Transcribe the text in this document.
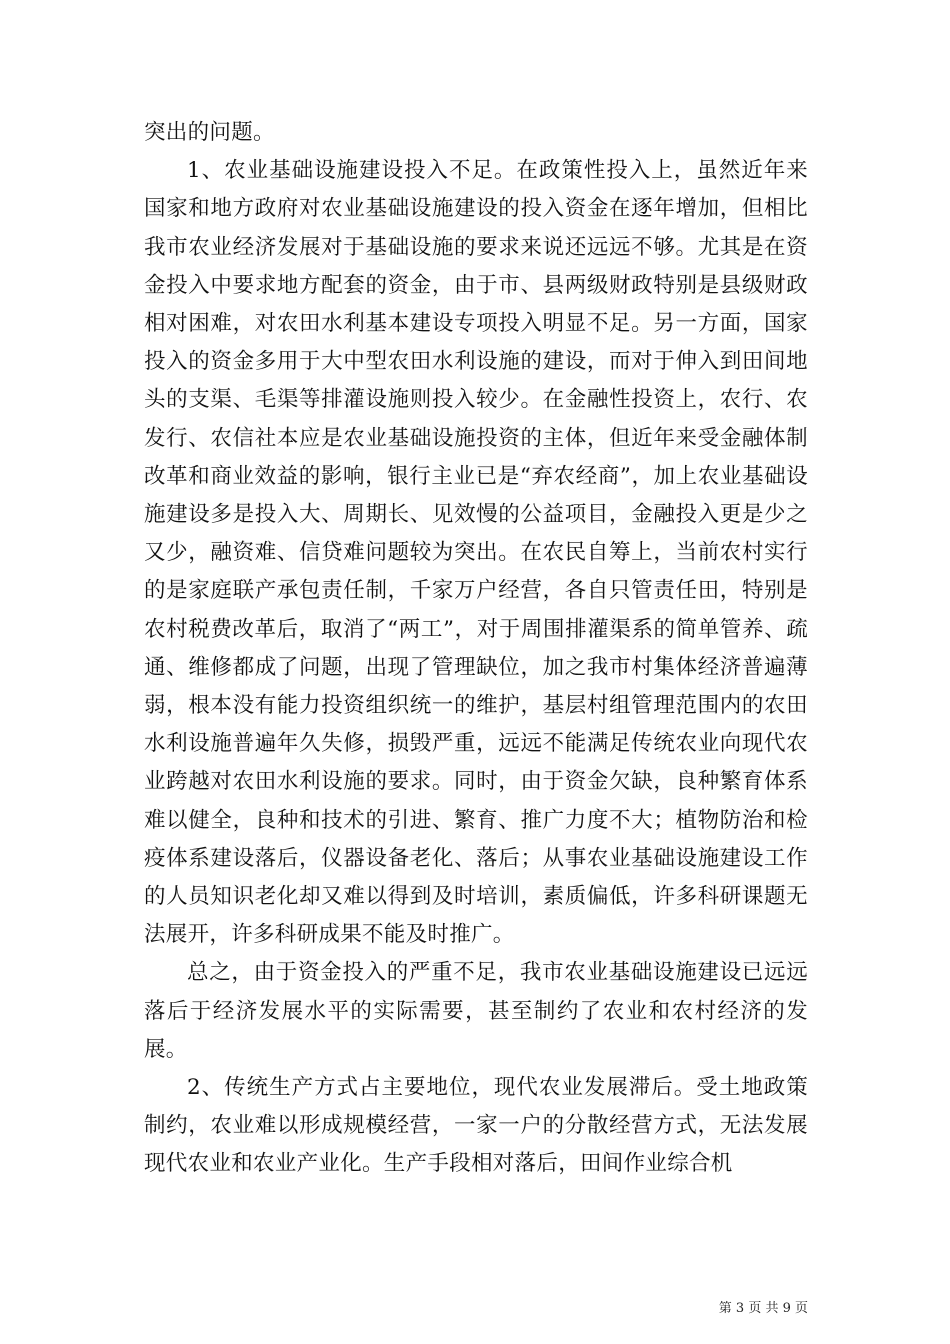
突出的问题。

1、农业基础设施建设投入不足。在政策性投入上，虽然近年来国家和地方政府对农业基础设施建设的投入资金在逐年增加，但相比我市农业经济发展对于基础设施的要求来说还远远不够。尤其是在资金投入中要求地方配套的资金，由于市、县两级财政特别是县级财政相对困难，对农田水利基本建设专项投入明显不足。另一方面，国家投入的资金多用于大中型农田水利设施的建设，而对于伸入到田间地头的支渠、毛渠等排灌设施则投入较少。在金融性投资上，农行、农发行、农信社本应是农业基础设施投资的主体，但近年来受金融体制改革和商业效益的影响，银行主业已是“弃农经商”，加上农业基础设施建设多是投入大、周期长、见效慢的公益项目，金融投入更是少之又少，融资难、信贷难问题较为突出。在农民自筹上，当前农村实行的是家庭联产承包责任制，千家万户经营，各自只管责任田，特别是农村税费改革后，取消了“两工”，对于周围排灌渠系的简单管养、疏通、维修都成了问题，出现了管理缺位，加之我市村集体经济普遍薄弱，根本没有能力投资组织统一的维护，基层村组管理范围内的农田水利设施普遍年久失修，损毁严重，远远不能满足传统农业向现代农业跨越对农田水利设施的要求。同时，由于资金欠缺，良种繁育体系难以健全，良种和技术的引进、繁育、推广力度不大；植物防治和检疫体系建设落后，仪器设备老化、落后；从事农业基础设施建设工作的人员知识老化却又难以得到及时培训，素质偏低，许多科研课题无法展开，许多科研成果不能及时推广。

总之，由于资金投入的严重不足，我市农业基础设施建设已远远落后于经济发展水平的实际需要，甚至制约了农业和农村经济的发展。

2、传统生产方式占主要地位，现代农业发展滞后。受土地政策制约，农业难以形成规模经营，一家一户的分散经营方式，无法发展现代农业和农业产业化。生产手段相对落后，田间作业综合机

第 3 页 共 9 页
